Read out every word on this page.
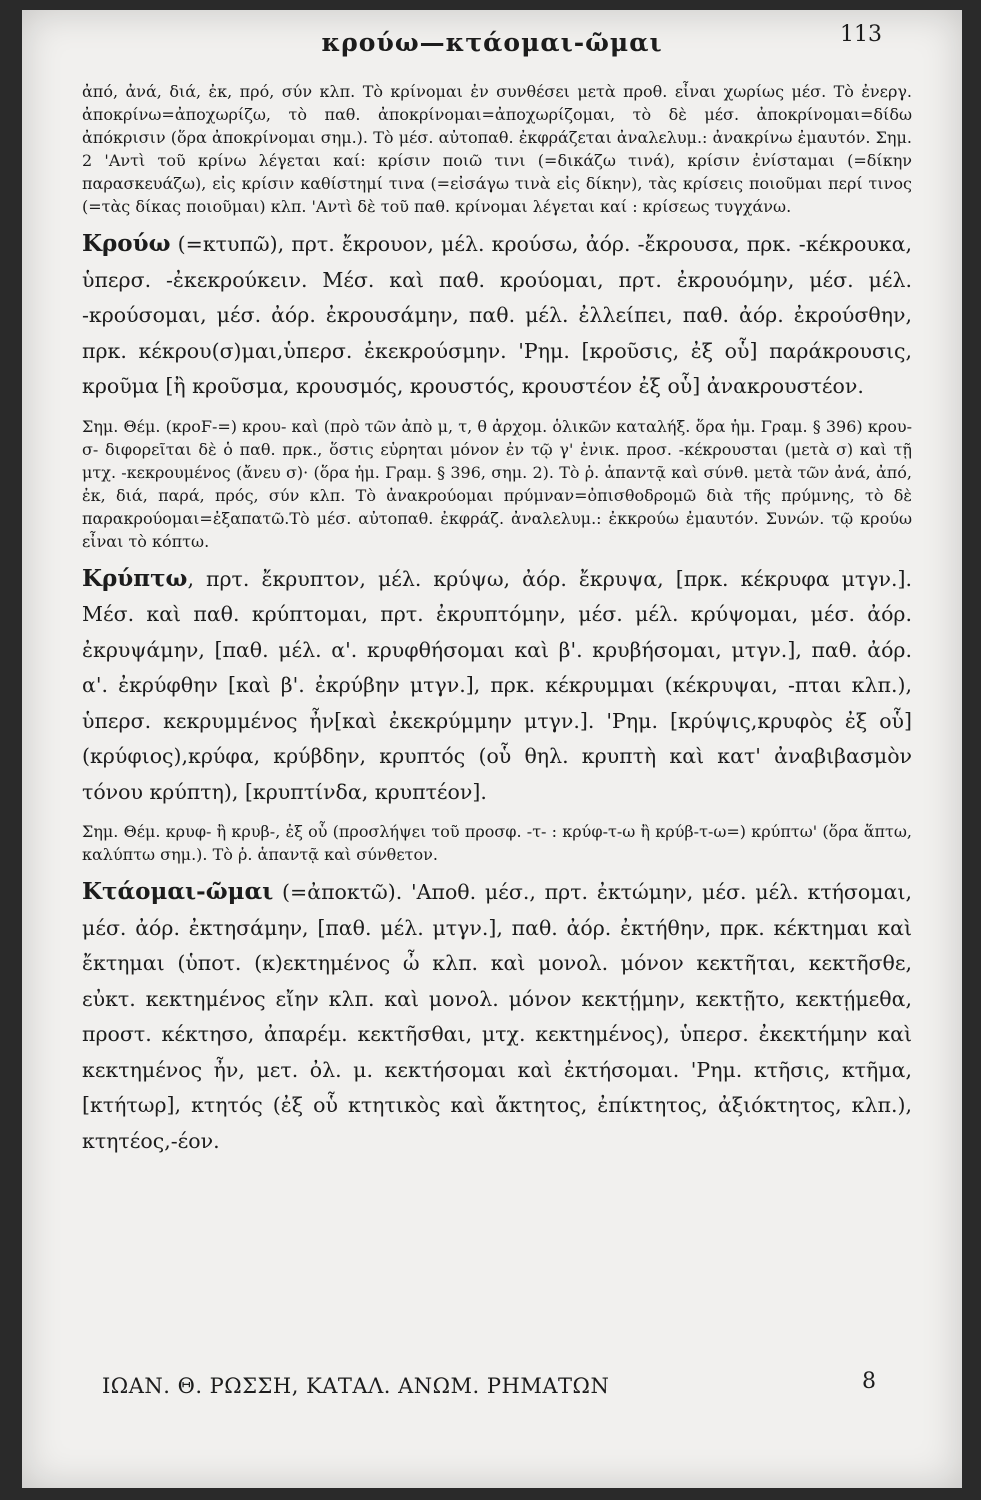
κρούω—κτάομαι-ῶμαι	113

ἀπό, ἀνά, διά, ἐκ, πρό, σύν κλπ. Τὸ κρίνομαι ἐν συνθέσει μετὰ προθ. εἶναι χωρίως μέσ. Τὸ ἐνεργ. ἀποκρίνω=ἀποχωρίζω, τὸ παθ. ἀποκρίνομαι=ἀποχωρίζομαι, τὸ δὲ μέσ. ἀποκρίνομαι=δίδω ἀπόκρισιν (ὅρα ἀποκρίνομαι σημ.). Τὸ μέσ. αὐτοπαθ. ἐκφράζεται ἀναλελυμ.: ἀνακρίνω ἐμαυτόν. Σημ. 2 'Αντὶ τοῦ κρίνω λέγεται καί: κρίσιν ποιῶ τινι (=δικάζω τινά), κρίσιν ἐνίσταμαι (=δίκην παρασκευάζω), εἰς κρίσιν καθίστημί τινα (=εἰσάγω τινὰ εἰς δίκην), τὰς κρίσεις ποιοῦμαι περί τινος (=τὰς δίκας ποιοῦμαι) κλπ. 'Αντὶ δὲ τοῦ παθ. κρίνομαι λέγεται καί : κρίσεως τυγχάνω.

Κρούω (=κτυπῶ), πρτ. ἔκρουον, μέλ. κρούσω, ἀόρ. -ἔκρουσα, πρκ. -κέκρουκα, ὑπερσ. -ἐκεκρούκειν. Μέσ. καὶ παθ. κρούομαι, πρτ. ἐκρουόμην, μέσ. μέλ. -κρούσομαι, μέσ. ἀόρ. ἐκρουσάμην, παθ. μέλ. ἐλλείπει, παθ. ἀόρ. ἐκρούσθην, πρκ. κέκρου(σ)μαι,ὑπερσ. ἐκεκρούσμην. 'Ρημ. [κροῦσις, ἐξ οὗ] παράκρουσις, κροῦμα [ἢ κροῦσμα, κρουσμός, κρουστός, κρουστέον ἐξ οὗ] ἀνακρουστέον.

Σημ. Θέμ. (κροϜ-=) κρου- καὶ (πρὸ τῶν ἀπὸ μ, τ, θ ἀρχομ. ὁλικῶν καταλήξ. ὅρα ἡμ. Γραμ. § 396) κρου-σ- διφορεῖται δὲ ὁ παθ. πρκ., ὅστις εὑρηται μόνον ἐν τῷ γ' ἑνικ. προσ. -κέκρουσται (μετὰ σ) καὶ τῇ μτχ. -κεκρουμένος (ἄνευ σ)· (ὅρα ἡμ. Γραμ. § 396, σημ. 2). Τὸ ῥ. ἁπαντᾷ καὶ σύνθ. μετὰ τῶν ἀνά, ἀπό, ἐκ, διά, παρά, πρός, σύν κλπ. Τὸ ἀνακρούομαι πρύμναν=ὀπισθοδρομῶ διὰ τῆς πρύμνης, τὸ δὲ παρακρούομαι=ἐξαπατῶ.Τὸ μέσ. αὐτοπαθ. ἐκφράζ. ἀναλελυμ.: ἐκκρούω ἐμαυτόν. Συνών. τῷ κρούω εἶναι τὸ κόπτω.

Κρύπτω, πρτ. ἔκρυπτον, μέλ. κρύψω, ἀόρ. ἔκρυψα, [πρκ. κέκρυφα μτγν.]. Μέσ. καὶ παθ. κρύπτομαι, πρτ. ἐκρυπτόμην, μέσ. μέλ. κρύψομαι, μέσ. ἀόρ. ἐκρυψάμην, [παθ. μέλ. α'. κρυφθήσομαι καὶ β'. κρυβήσομαι, μτγν.], παθ. ἀόρ. α'. ἐκρύφθην [καὶ β'. ἐκρύβην μτγν.], πρκ. κέκρυμμαι (κέκρυψαι, -πται κλπ.), ὑπερσ. κεκρυμμένος ἦν[καὶ ἐκεκρύμμην μτγν.]. 'Ρημ. [κρύψις,κρυφὸς ἐξ οὗ] (κρύφιος),κρύφα, κρύβδην, κρυπτός (οὗ θηλ. κρυπτὴ καὶ κατ' ἀναβιβασμὸν τόνου κρύπτη), [κρυπτίνδα, κρυπτέον].

Σημ. Θέμ. κρυφ- ἢ κρυβ-, ἐξ οὗ (προσλήψει τοῦ προσφ. -τ- : κρύφ-τ-ω ἢ κρύβ-τ-ω=) κρύπτω' (ὅρα ἅπτω, καλύπτω σημ.). Τὸ ῥ. ἁπαντᾷ καὶ σύνθετον.

Κτάομαι-ῶμαι (=ἀποκτῶ). 'Αποθ. μέσ., πρτ. ἐκτώμην, μέσ. μέλ. κτήσομαι, μέσ. ἀόρ. ἐκτησάμην, [παθ. μέλ. μτγν.], παθ. ἀόρ. ἐκτήθην, πρκ. κέκτημαι καὶ ἔκτημαι (ὑποτ. (κ)εκτημένος ὦ κλπ. καὶ μονολ. μόνον κεκτῆται, κεκτῆσθε, εὐκτ. κεκτημένος εἴην κλπ. καὶ μονολ. μόνον κεκτῄμην, κεκτῇτο, κεκτῄμεθα, προστ. κέκτησο, ἀπαρέμ. κεκτῆσθαι, μτχ. κεκτημένος), ὑπερσ. ἐκεκτήμην καὶ κεκτημένος ἦν, μετ. ὀλ. μ. κεκτήσομαι καὶ ἐκτήσομαι. 'Ρημ. κτῆσις, κτῆμα, [κτήτωρ], κτητός (ἐξ οὗ κτητικὸς καὶ ἄκτητος, ἐπίκτητος, ἀξιόκτητος, κλπ.), κτητέος,-έον.

ΙΩΑΝ. Θ. ΡΩΣΣΗ, ΚΑΤΑΛ. ΑΝΩΜ. ΡΗΜΑΤΩΝ	8
